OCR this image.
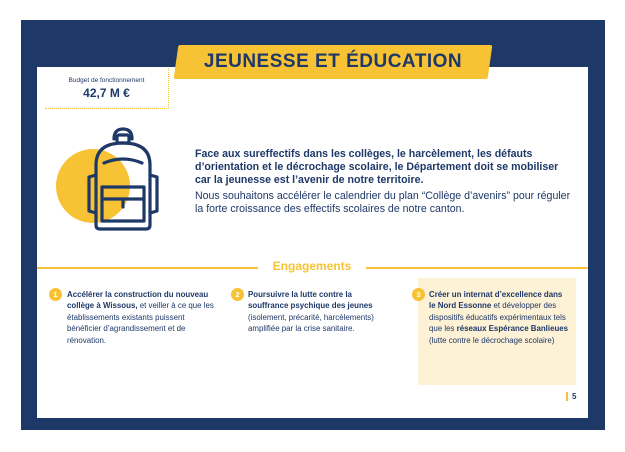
JEUNESSE ET ÉDUCATION
Budget de fonctionnement
42,7 M €

Face aux sureffectifs dans les collèges, le harcèlement, les défauts d’orientation et le décrochage scolaire, le Département doit se mobiliser car la jeunesse est l’avenir de notre territoire.

Nous souhaitons accélérer le calendrier du plan “Collège d’avenirs” pour réguler la forte croissance des effectifs scolaires de notre canton.

Engagements
1	Accélérer la construction du nouveau collège à Wissous, et veiller à ce que les établissements existants puissent bénéficier d’agrandissement et de rénovation.
2	Poursuivre la lutte contre la souffrance psychique des jeunes (isolement, précarité, harcèlements) amplifiée par la crise sanitaire.
3	Créer un internat d’excellence dans le Nord Essonne et développer des dispositifs éducatifs expérimentaux tels que les réseaux Espérance Banlieues (lutte contre le décrochage scolaire)
5
